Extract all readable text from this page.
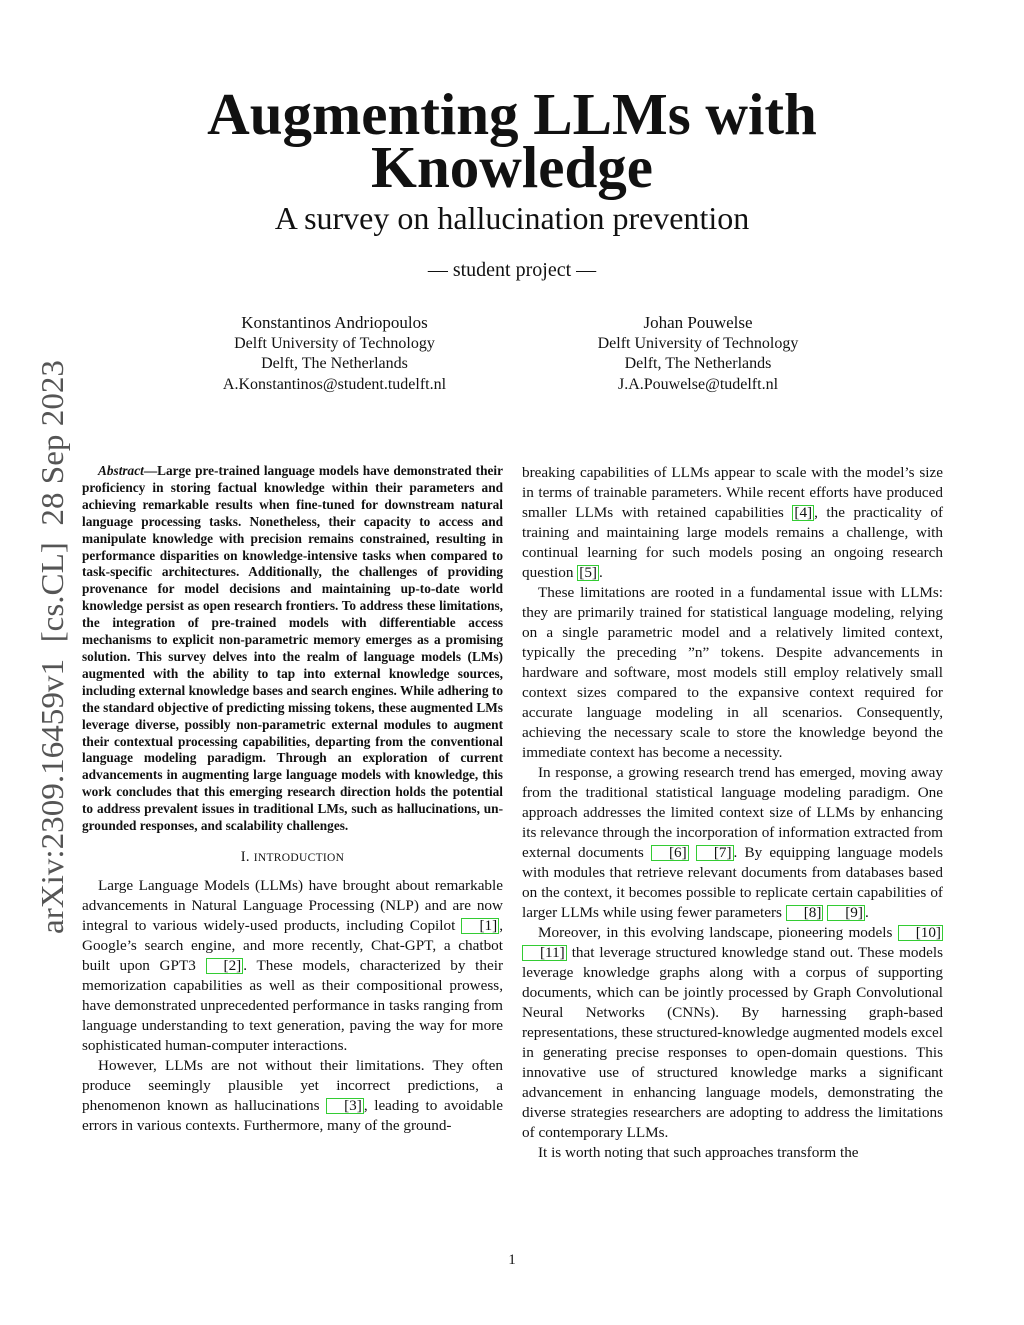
arXiv:2309.16459v1  [cs.CL]  28 Sep 2023
Augmenting LLMs with
Knowledge
A survey on hallucination prevention
— student project —
Konstantinos Andriopoulos
Delft University of Technology
Delft, The Netherlands
A.Konstantinos@student.tudelft.nl
Johan Pouwelse
Delft University of Technology
Delft, The Netherlands
J.A.Pouwelse@tudelft.nl

Abstract—Large pre-trained language models have demonstrated their proficiency in storing factual knowledge within their parameters and achieving remarkable results when fine-tuned for downstream natural language processing tasks. Nonetheless, their capacity to access and manipulate knowledge with precision remains constrained, resulting in performance disparities on knowledge-intensive tasks when compared to task-specific architectures. Additionally, the challenges of providing provenance for model decisions and maintaining up-to-date world knowledge persist as open research frontiers. To address these limitations, the integration of pre-trained models with differentiable access mechanisms to explicit non-parametric memory emerges as a promising solution. This survey delves into the realm of language models (LMs) augmented with the ability to tap into external knowledge sources, including external knowledge bases and search engines. While adhering to the standard objective of predicting missing tokens, these augmented LMs leverage diverse, possibly non-parametric external modules to augment their contextual processing capabilities, departing from the conventional language modeling paradigm. Through an exploration of current advancements in augmenting large language models with knowledge, this work concludes that this emerging research direction holds the potential to address prevalent issues in traditional LMs, such as hallucinations, un-grounded responses, and scalability challenges.

I. INTRODUCTION

Large Language Models (LLMs) have brought about remarkable advancements in Natural Language Processing (NLP) and are now integral to various widely-used products, including Copilot [1] , Google’s search engine, and more recently, Chat-GPT, a chatbot built upon GPT3 [2] . These models, characterized by their memorization capabilities as well as their compositional prowess, have demonstrated unprecedented performance in tasks ranging from language understanding to text generation, paving the way for more sophisticated human-computer interactions.

However, LLMs are not without their limitations. They often produce seemingly plausible yet incorrect predictions, a phenomenon known as hallucinations [3] , leading to avoidable errors in various contexts. Furthermore, many of the ground-

breaking capabilities of LLMs appear to scale with the model’s size in terms of trainable parameters. While recent efforts have produced smaller LLMs with retained capabilities [4] , the practicality of training and maintaining large models remains a challenge, with continual learning for such models posing an ongoing research question [5] .

These limitations are rooted in a fundamental issue with LLMs: they are primarily trained for statistical language modeling, relying on a single parametric model and a relatively limited context, typically the preceding ”n” tokens. Despite advancements in hardware and software, most models still employ relatively small context sizes compared to the expansive context required for accurate language modeling in all scenarios. Consequently, achieving the necessary scale to store the knowledge beyond the immediate context has become a necessity.

In response, a growing research trend has emerged, moving away from the traditional statistical language modeling paradigm. One approach addresses the limited context size of LLMs by enhancing its relevance through the incorporation of information extracted from external documents [6] [7] . By equipping language models with modules that retrieve relevant documents from databases based on the context, it becomes possible to replicate certain capabilities of larger LLMs while using fewer parameters [8] [9] .

Moreover, in this evolving landscape, pioneering models [10] [11] that leverage structured knowledge stand out. These models leverage knowledge graphs along with a corpus of supporting documents, which can be jointly processed by Graph Convolutional Neural Networks (CNNs). By harnessing graph-based representations, these structured-knowledge augmented models excel in generating precise responses to open-domain questions. This innovative use of structured knowledge marks a significant advancement in enhancing language models, demonstrating the diverse strategies researchers are adopting to address the limitations of contemporary LLMs.

It is worth noting that such approaches transform the

1
